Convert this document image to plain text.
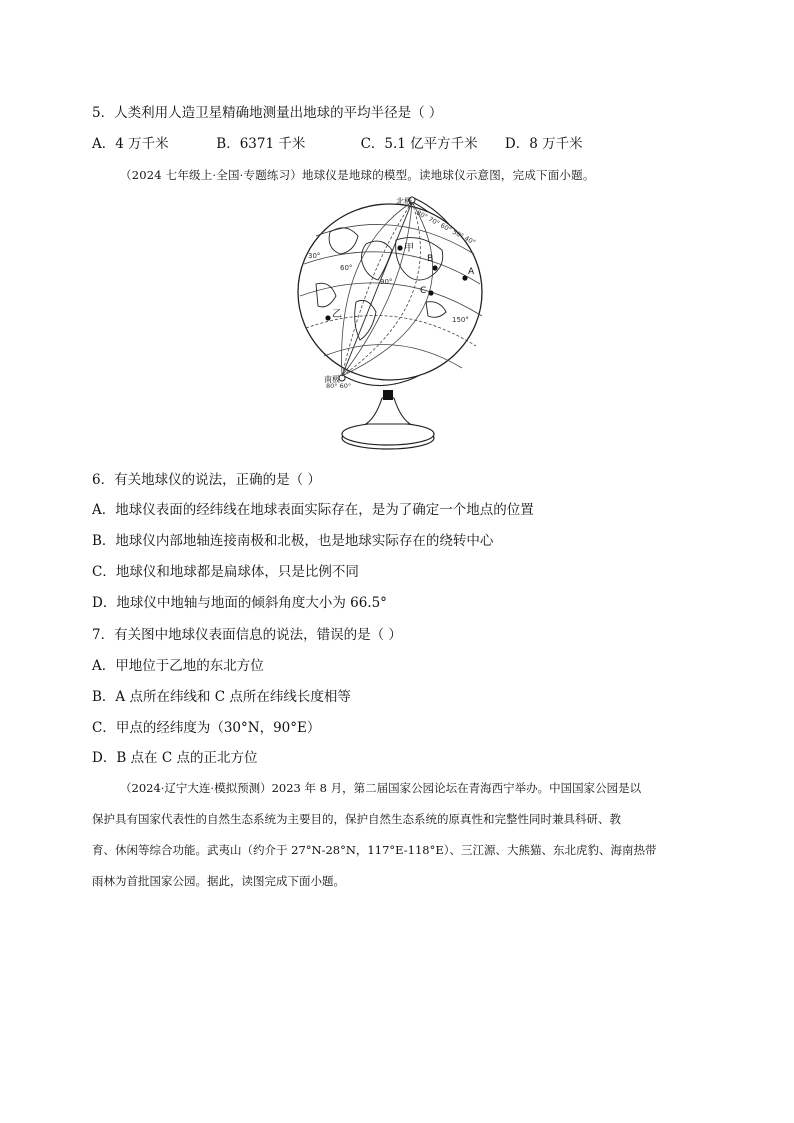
5．人类利用人造卫星精确地测量出地球的平均半径是（ ）
A．4 万千米	B．6371 千米	C．5.1 亿平方千米 D．8 万千米
（2024 七年级上·全国·专题练习）地球仪是地球的模型。读地球仪示意图，完成下面小题。
80° 70° 60° 50° 40°
80° 60°
北极
南极
30°
60°
90°
150°
甲
B
A
C
乙
6．有关地球仪的说法，正确的是（ ）
A．地球仪表面的经纬线在地球表面实际存在，是为了确定一个地点的位置
B．地球仪内部地轴连接南极和北极，也是地球实际存在的绕转中心
C．地球仪和地球都是扁球体，只是比例不同
D．地球仪中地轴与地面的倾斜角度大小为 66.5°
7．有关图中地球仪表面信息的说法，错误的是（ ）
A．甲地位于乙地的东北方位
B．A 点所在纬线和 C 点所在纬线长度相等
C．甲点的经纬度为（30°N，90°E）
D．B 点在 C 点的正北方位
（2024·辽宁大连·模拟预测）2023 年 8 月，第二届国家公园论坛在青海西宁举办。中国国家公园是以
保护具有国家代表性的自然生态系统为主要目的，保护自然生态系统的原真性和完整性同时兼具科研、教
育、休闲等综合功能。武夷山（约介于 27°N-28°N，117°E-118°E）、三江源、大熊猫、东北虎豹、海南热带
雨林为首批国家公园。据此，读图完成下面小题。
